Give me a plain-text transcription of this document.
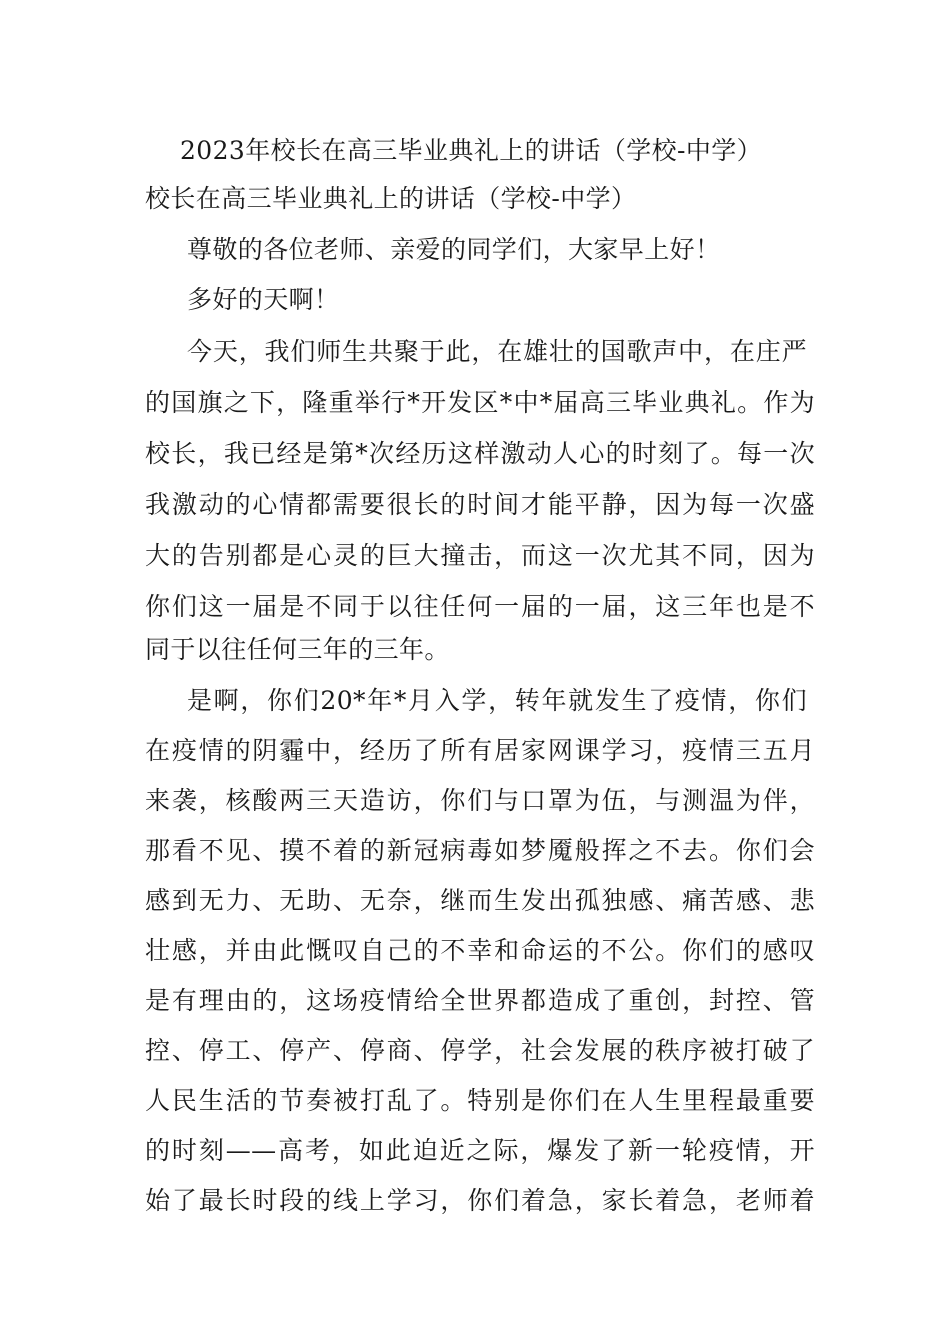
2023年校长在高三毕业典礼上的讲话（学校-中学）
校长在高三毕业典礼上的讲话（学校-中学）
尊敬的各位老师、亲爱的同学们，大家早上好！
多好的天啊！
今天，我们师生共聚于此，在雄壮的国歌声中，在庄严
的国旗之下，隆重举行*开发区*中*届高三毕业典礼。作为
校长，我已经是第*次经历这样激动人心的时刻了。每一次
我激动的心情都需要很长的时间才能平静，因为每一次盛
大的告别都是心灵的巨大撞击，而这一次尤其不同，因为
你们这一届是不同于以往任何一届的一届，这三年也是不
同于以往任何三年的三年。
是啊，你们20*年*月入学，转年就发生了疫情，你们
在疫情的阴霾中，经历了所有居家网课学习，疫情三五月
来袭，核酸两三天造访，你们与口罩为伍，与测温为伴，
那看不见、摸不着的新冠病毒如梦魇般挥之不去。你们会
感到无力、无助、无奈，继而生发出孤独感、痛苦感、悲
壮感，并由此慨叹自己的不幸和命运的不公。你们的感叹
是有理由的，这场疫情给全世界都造成了重创，封控、管
控、停工、停产、停商、停学，社会发展的秩序被打破了
人民生活的节奏被打乱了。特别是你们在人生里程最重要
的时刻——高考，如此迫近之际，爆发了新一轮疫情，开
始了最长时段的线上学习，你们着急，家长着急，老师着
